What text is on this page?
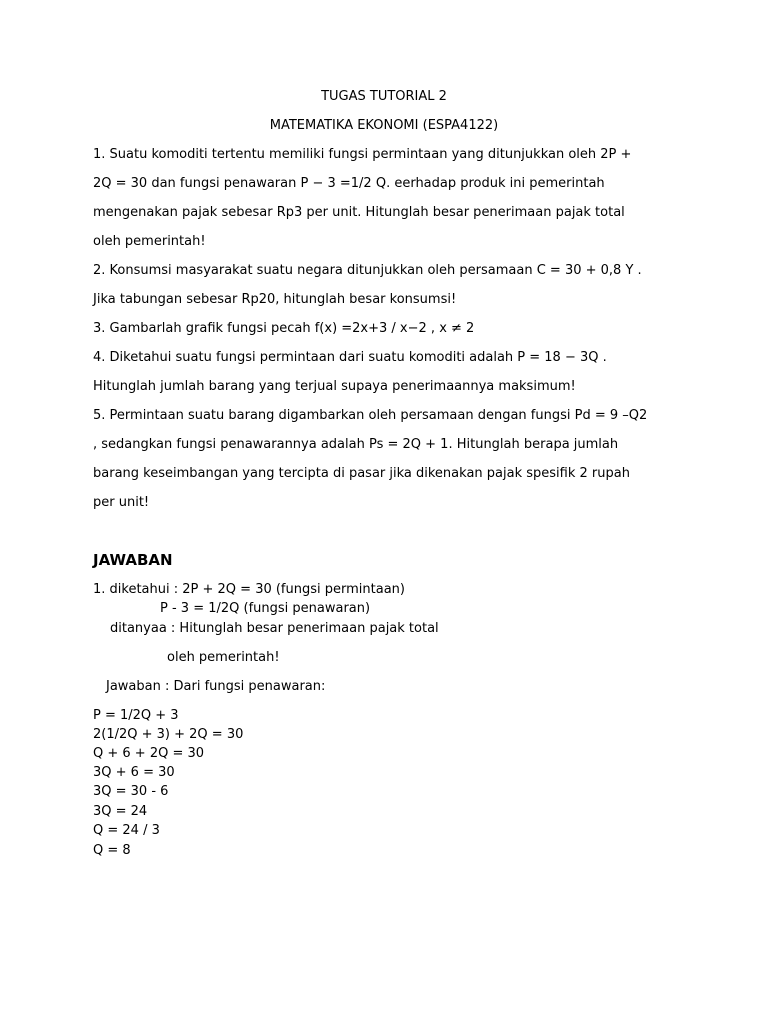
TUGAS TUTORIAL 2
MATEMATIKA EKONOMI (ESPA4122)
1. Suatu komoditi tertentu memiliki fungsi permintaan yang ditunjukkan oleh 2P +
2Q = 30 dan fungsi penawaran P − 3 =1/2 Q. eerhadap produk ini pemerintah
mengenakan pajak sebesar Rp3 per unit. Hitunglah besar penerimaan pajak total
oleh pemerintah!
2. Konsumsi masyarakat suatu negara ditunjukkan oleh persamaan C = 30 + 0,8 Y .
Jika tabungan sebesar Rp20, hitunglah besar konsumsi!
3. Gambarlah grafik fungsi pecah f(x) =2x+3 / x−2 , x ≠ 2
4. Diketahui suatu fungsi permintaan dari suatu komoditi adalah P = 18 − 3Q .
Hitunglah jumlah barang yang terjual supaya penerimaannya maksimum!
5. Permintaan suatu barang digambarkan oleh persamaan dengan fungsi Pd = 9 –Q2
, sedangkan fungsi penawarannya adalah Ps = 2Q + 1. Hitunglah berapa jumlah
barang keseimbangan yang tercipta di pasar jika dikenakan pajak spesifik 2 rupah
per unit!
JAWABAN
1. diketahui : 2P + 2Q = 30 (fungsi permintaan)
P - 3 = 1/2Q (fungsi penawaran)
ditanyaa : Hitunglah besar penerimaan pajak total
oleh pemerintah!
Jawaban : Dari fungsi penawaran:
P = 1/2Q + 3
2(1/2Q + 3) + 2Q = 30
Q + 6 + 2Q = 30
3Q + 6 = 30
3Q = 30 - 6
3Q = 24
Q = 24 / 3
Q = 8
